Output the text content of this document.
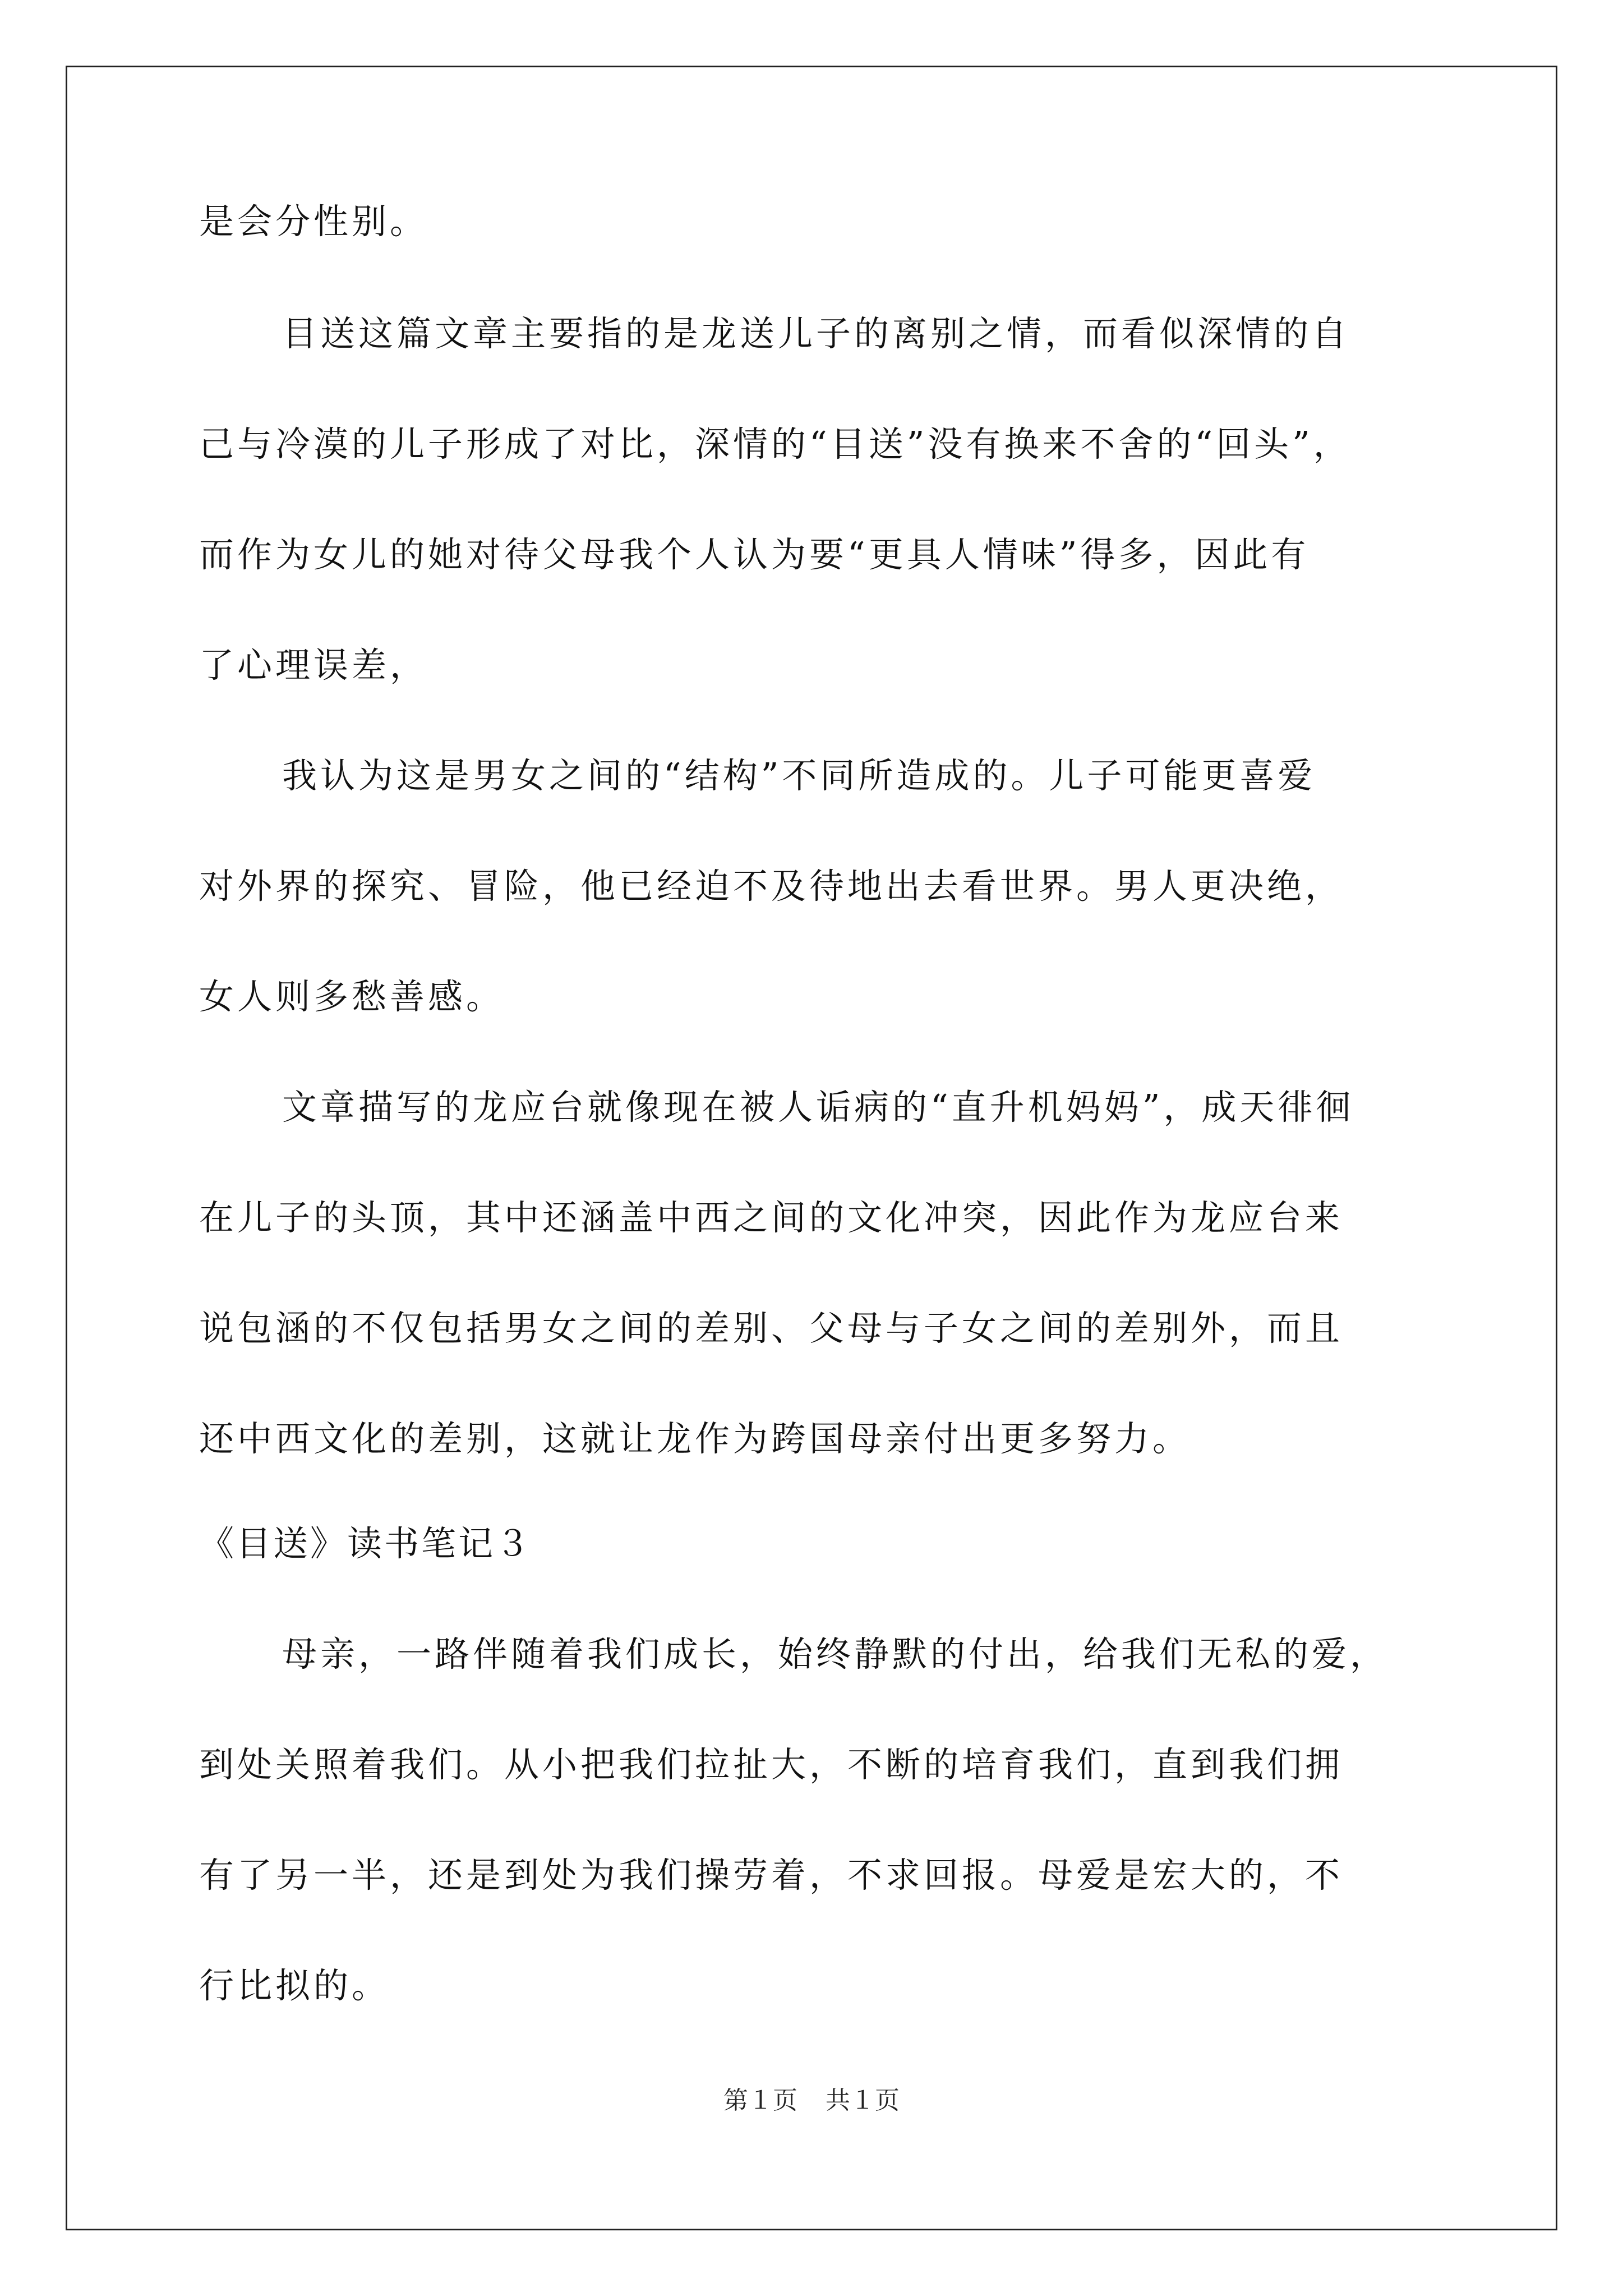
是会分性别。
目送这篇文章主要指的是龙送儿子的离别之情，而看似深情的自
己与冷漠的儿子形成了对比，深情的“目送”没有换来不舍的“回头”，
而作为女儿的她对待父母我个人认为要“更具人情味”得多，因此有
了心理误差，
我认为这是男女之间的“结构”不同所造成的。儿子可能更喜爱
对外界的探究、冒险，他已经迫不及待地出去看世界。男人更决绝，
女人则多愁善感。
文章描写的龙应台就像现在被人诟病的“直升机妈妈”，成天徘徊
在儿子的头顶，其中还涵盖中西之间的文化冲突，因此作为龙应台来
说包涵的不仅包括男女之间的差别、父母与子女之间的差别外，而且
还中西文化的差别，这就让龙作为跨国母亲付出更多努力。
《目送》读书笔记３
母亲，一路伴随着我们成长，始终静默的付出，给我们无私的爱，
到处关照着我们。从小把我们拉扯大，不断的培育我们，直到我们拥
有了另一半，还是到处为我们操劳着，不求回报。母爱是宏大的，不
行比拟的。
第１页 共１页
